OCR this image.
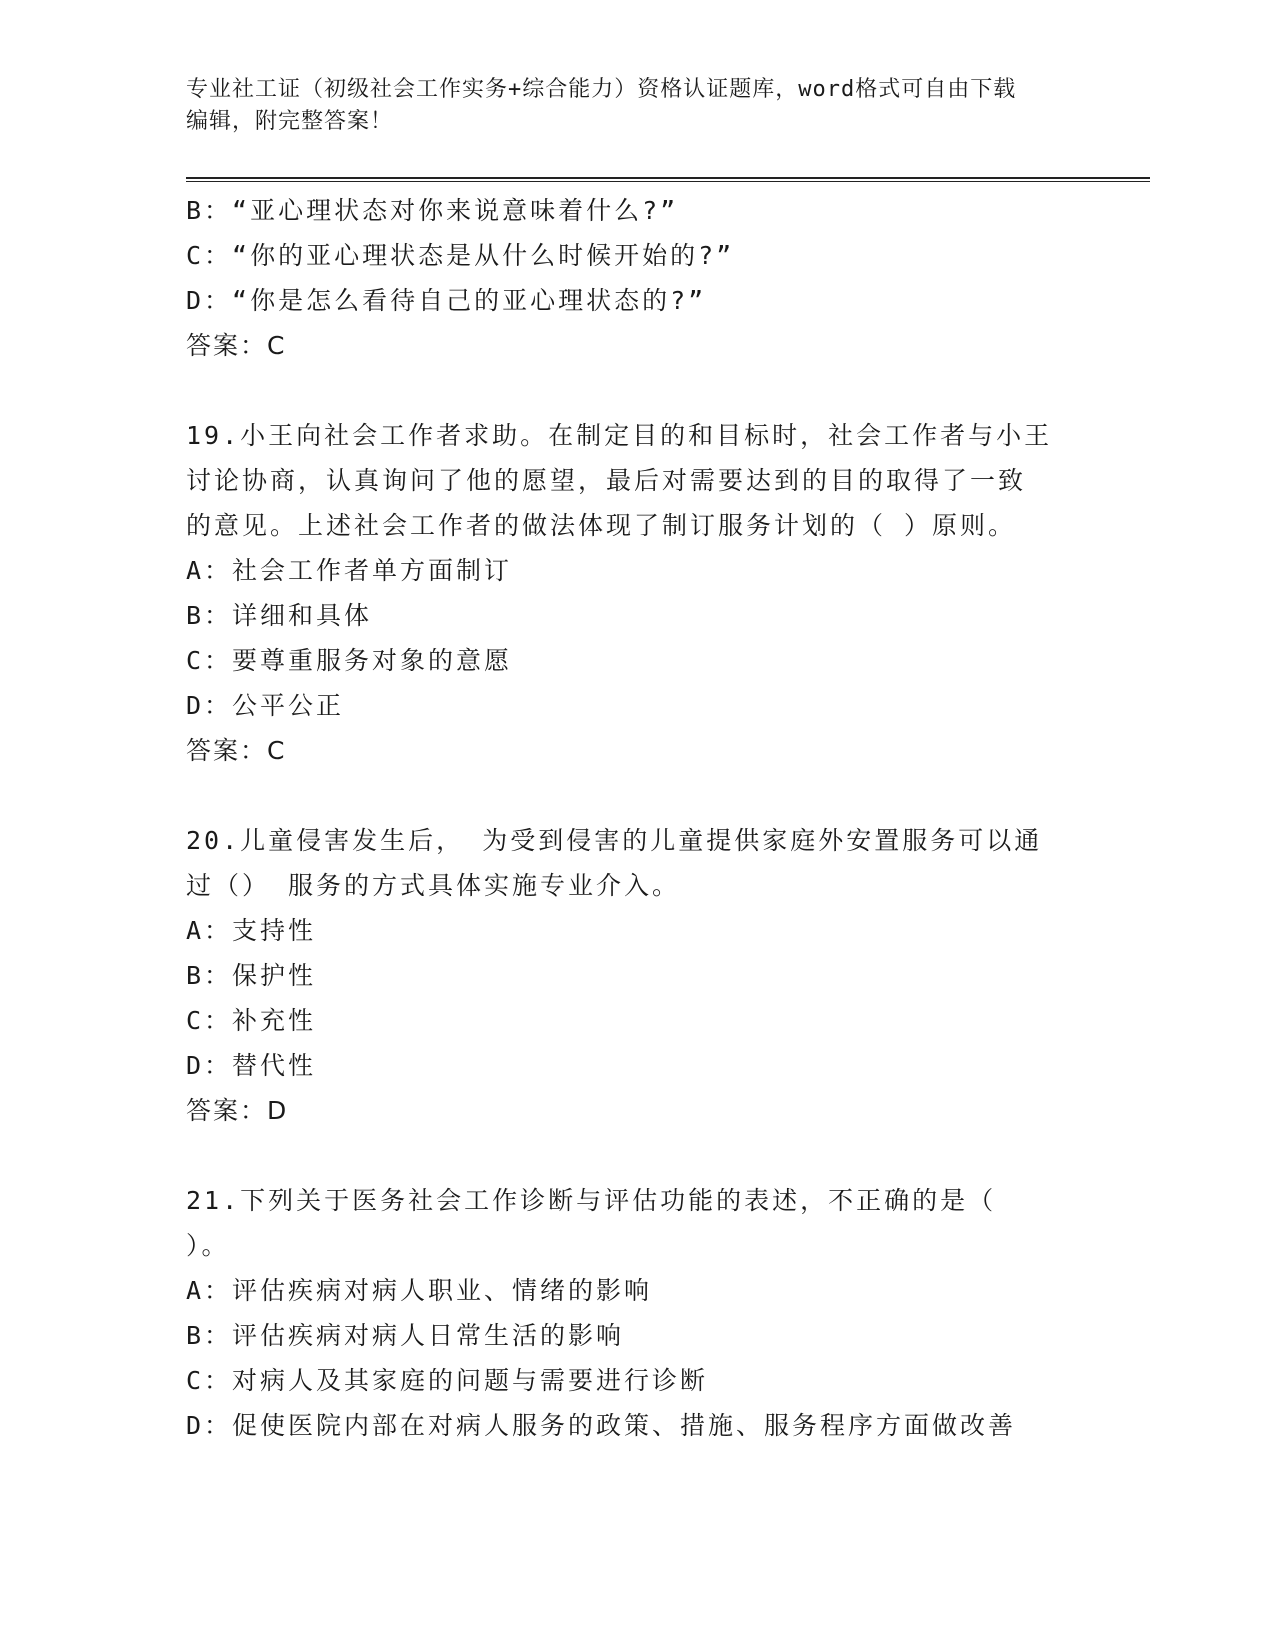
专业社工证（初级社会工作实务+综合能力）资格认证题库，word格式可自由下载
编辑，附完整答案！
B：“亚心理状态对你来说意味着什么?”
C：“你的亚心理状态是从什么时候开始的?”
D：“你是怎么看待自己的亚心理状态的?”
答案：C
19.小王向社会工作者求助。在制定目的和目标时，社会工作者与小王
讨论协商，认真询问了他的愿望，最后对需要达到的目的取得了一致
的意见。上述社会工作者的做法体现了制订服务计划的（ ）原则。
A：社会工作者单方面制订
B：详细和具体
C：要尊重服务对象的意愿
D：公平公正
答案：C
20.儿童侵害发生后， 为受到侵害的儿童提供家庭外安置服务可以通
过（） 服务的方式具体实施专业介入。
A：支持性
B：保护性
C：补充性
D：替代性
答案：D
21.下列关于医务社会工作诊断与评估功能的表述，不正确的是（
）。
A：评估疾病对病人职业、情绪的影响
B：评估疾病对病人日常生活的影响
C：对病人及其家庭的问题与需要进行诊断
D：促使医院内部在对病人服务的政策、措施、服务程序方面做改善
